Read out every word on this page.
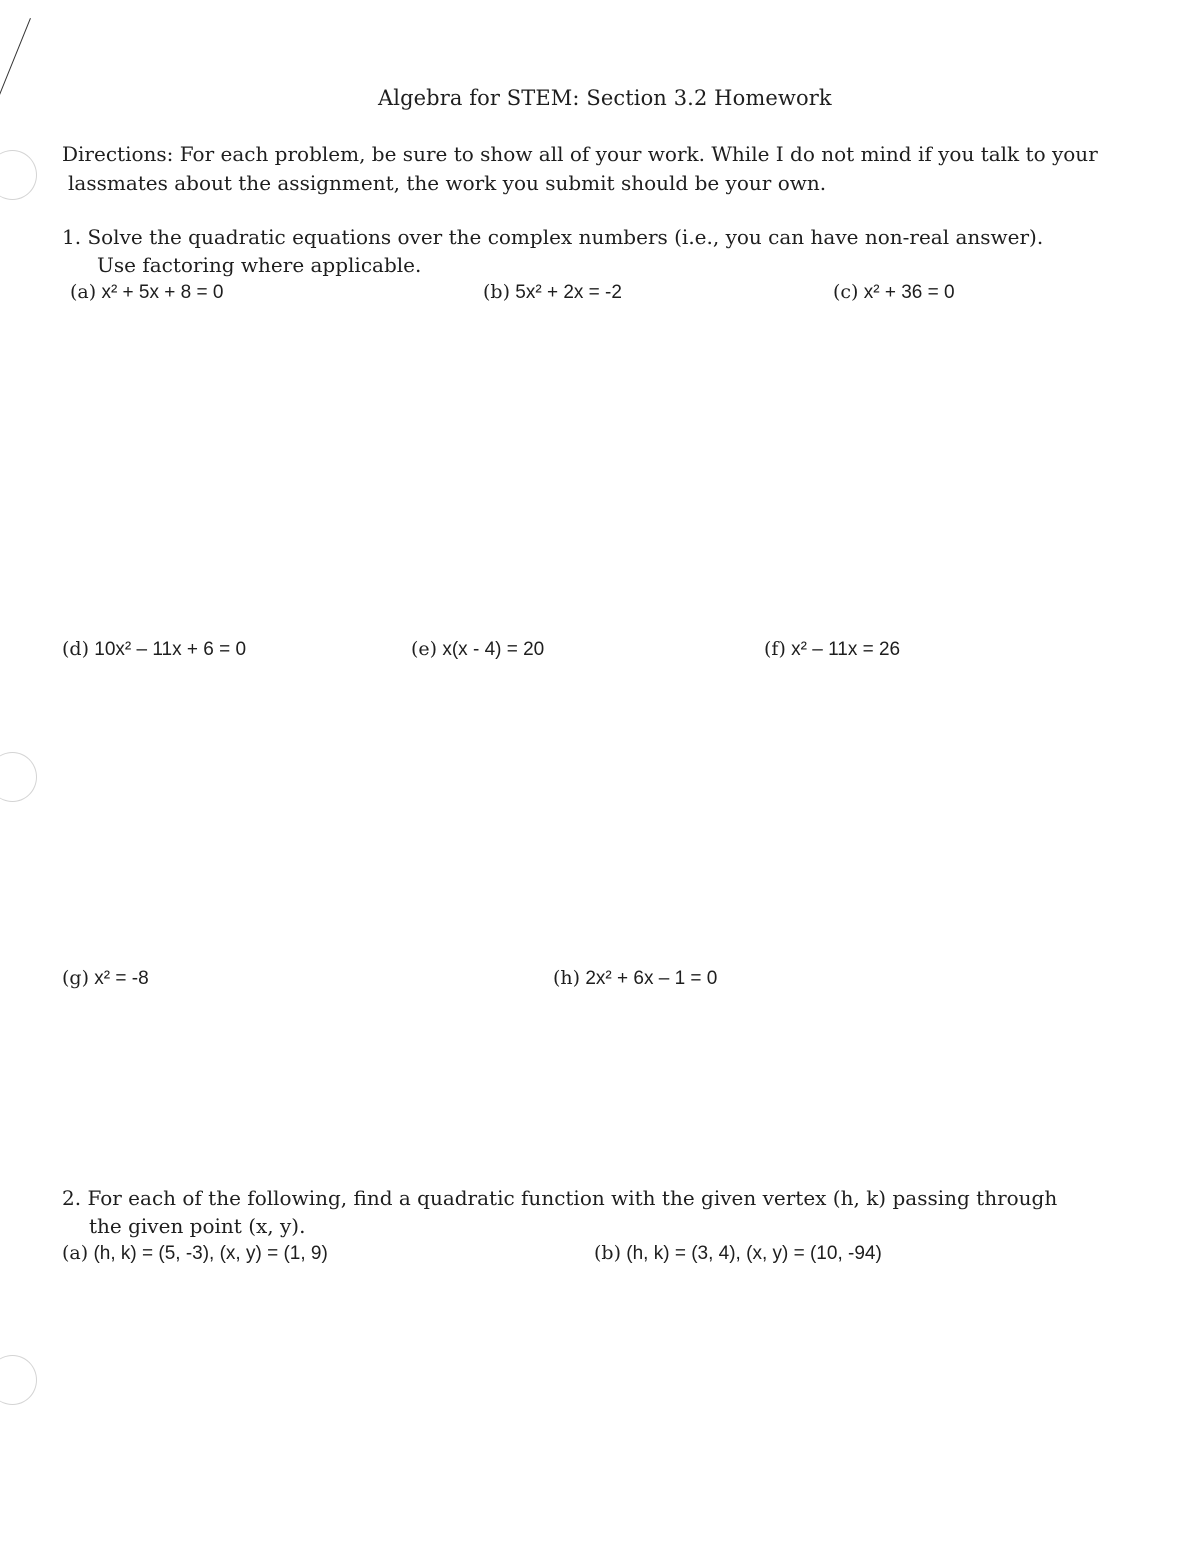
Algebra for STEM: Section 3.2 Homework
Directions: For each problem, be sure to show all of your work. While I do not mind if you talk to your
lassmates about the assignment, the work you submit should be your own.
1. Solve the quadratic equations over the complex numbers (i.e., you can have non-real answer).
Use factoring where applicable.
(a) x² + 5x + 8 = 0	(b) 5x² + 2x = -2	(c) x² + 36 = 0
(d) 10x² – 11x + 6 = 0	(e) x(x - 4) = 20	(f) x² – 11x = 26
(g) x² = -8	(h) 2x² + 6x – 1 = 0
2. For each of the following, find a quadratic function with the given vertex (h, k) passing through
the given point (x, y).
(a) (h, k) = (5, -3), (x, y) = (1, 9)	(b) (h, k) = (3, 4), (x, y) = (10, -94)
